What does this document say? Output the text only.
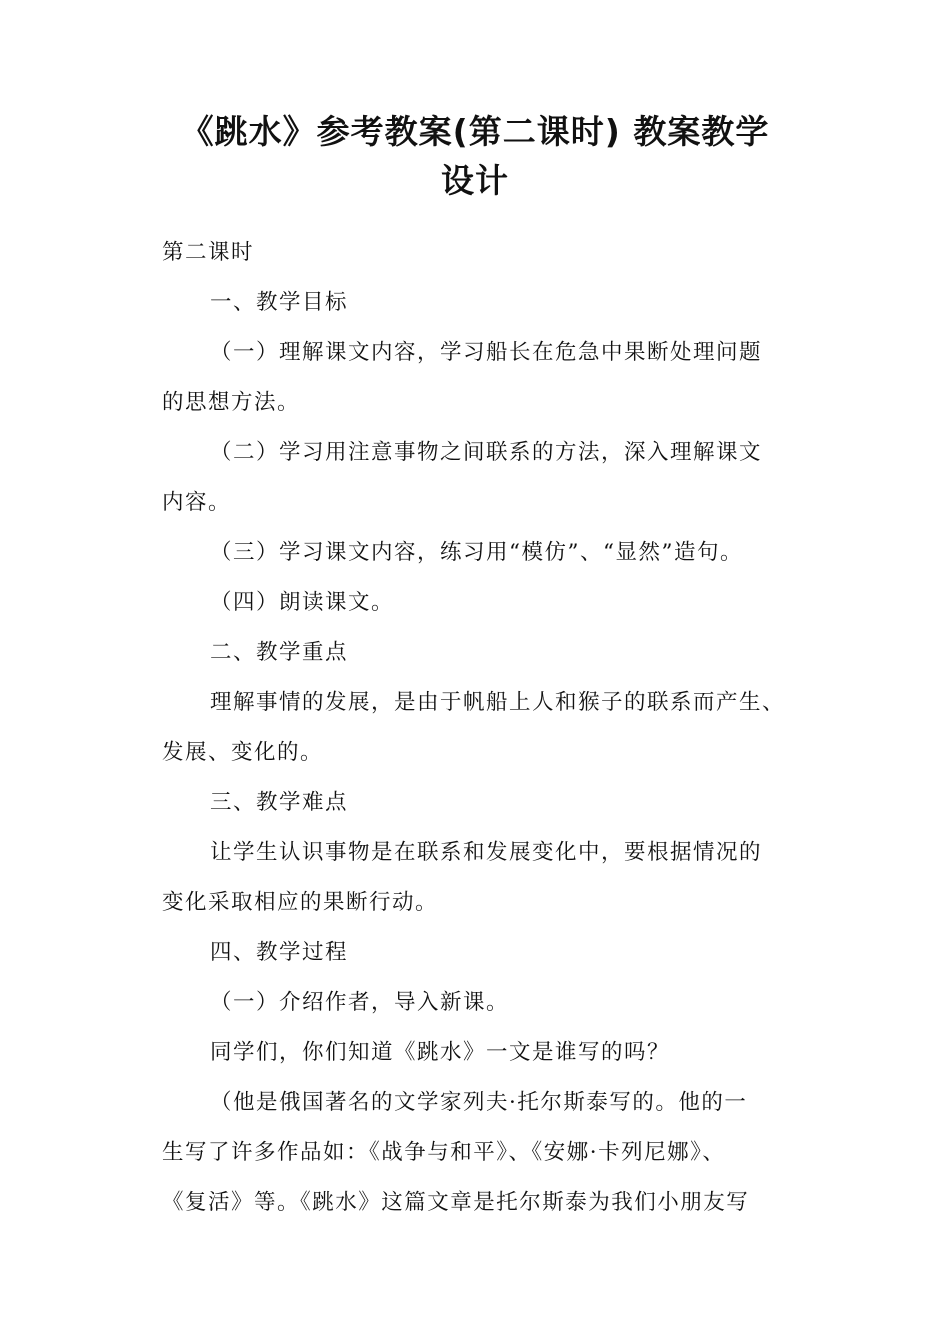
《跳水》参考教案(第二课时) 教案教学
设计
第二课时
一、教学目标
（一）理解课文内容，学习船长在危急中果断处理问题
的思想方法。
（二）学习用注意事物之间联系的方法，深入理解课文
内容。
（三）学习课文内容，练习用“模仿”、“显然”造句。
（四）朗读课文。
二、教学重点
理解事情的发展，是由于帆船上人和猴子的联系而产生、
发展、变化的。
三、教学难点
让学生认识事物是在联系和发展变化中，要根据情况的
变化采取相应的果断行动。
四、教学过程
（一）介绍作者，导入新课。
同学们，你们知道《跳水》一文是谁写的吗？
（他是俄国著名的文学家列夫·托尔斯泰写的。他的一
生写了许多作品如：《战争与和平》、《安娜·卡列尼娜》、
《复活》等。《跳水》这篇文章是托尔斯泰为我们小朋友写
